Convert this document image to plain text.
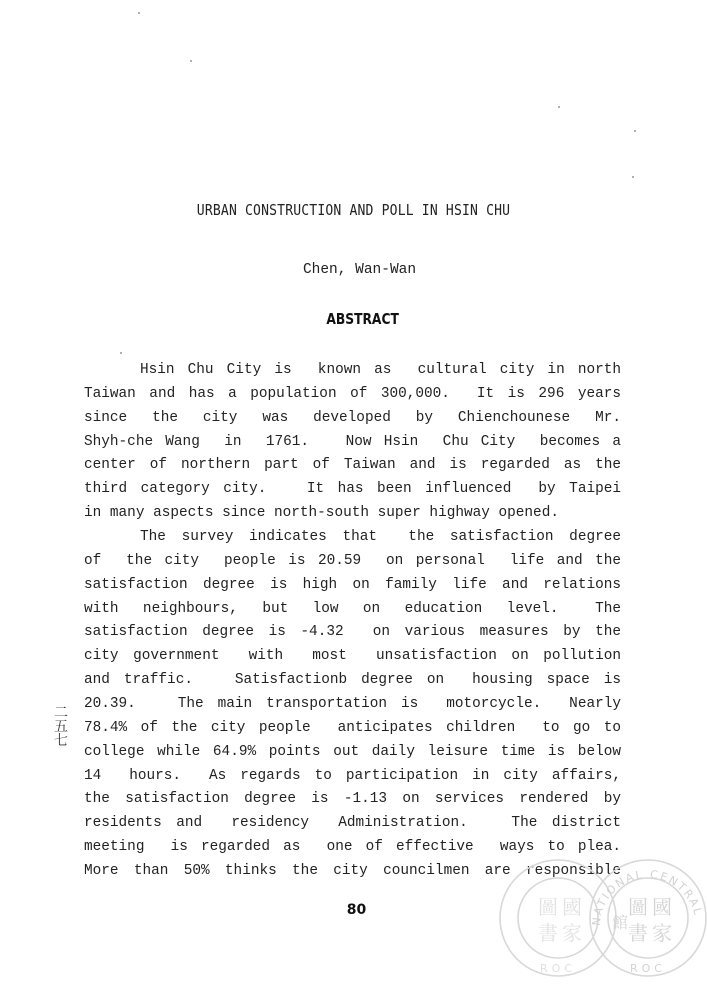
URBAN CONSTRUCTION AND POLL IN HSIN CHU
Chen, Wan-Wan
ABSTRACT
Hsin Chu City is  known as  cultural city in north
Taiwan and has a population of 300,000.  It is 296 years
since  the  city  was  developed  by  Chienchounese  Mr.
Shyh-che Wang  in  1761.   Now Hsin  Chu City  becomes a
center of northern part of Taiwan and is regarded as the
third category city.   It has been influenced  by Taipei
in many aspects since north-south super highway opened.
The survey indicates that  the satisfaction degree
of  the city  people is 20.59  on personal  life and the
satisfaction degree is high on family life and relations
with  neighbours,  but  low  on  education  level.   The
satisfaction degree is -4.32  on various measures by the
city government  with  most  unsatisfaction on pollution
and traffic.   Satisfactionb degree on  housing space is
20.39.   The main transportation is  motorcycle.  Nearly
78.4% of the city people  anticipates children  to go to
college while 64.9% points out daily leisure time is below
14  hours.  As regards to participation in city affairs,
the satisfaction degree is -1.13 on services rendered by
residents and  residency  Administration.   The district
meeting  is regarded as  one of effective  ways to plea.
More than 50% thinks the city councilmen are responsible
二
五
七
80
NATIONAL CENTRAL
ROC
ROC
圖 國
書 家
館
圖 國
書 家
